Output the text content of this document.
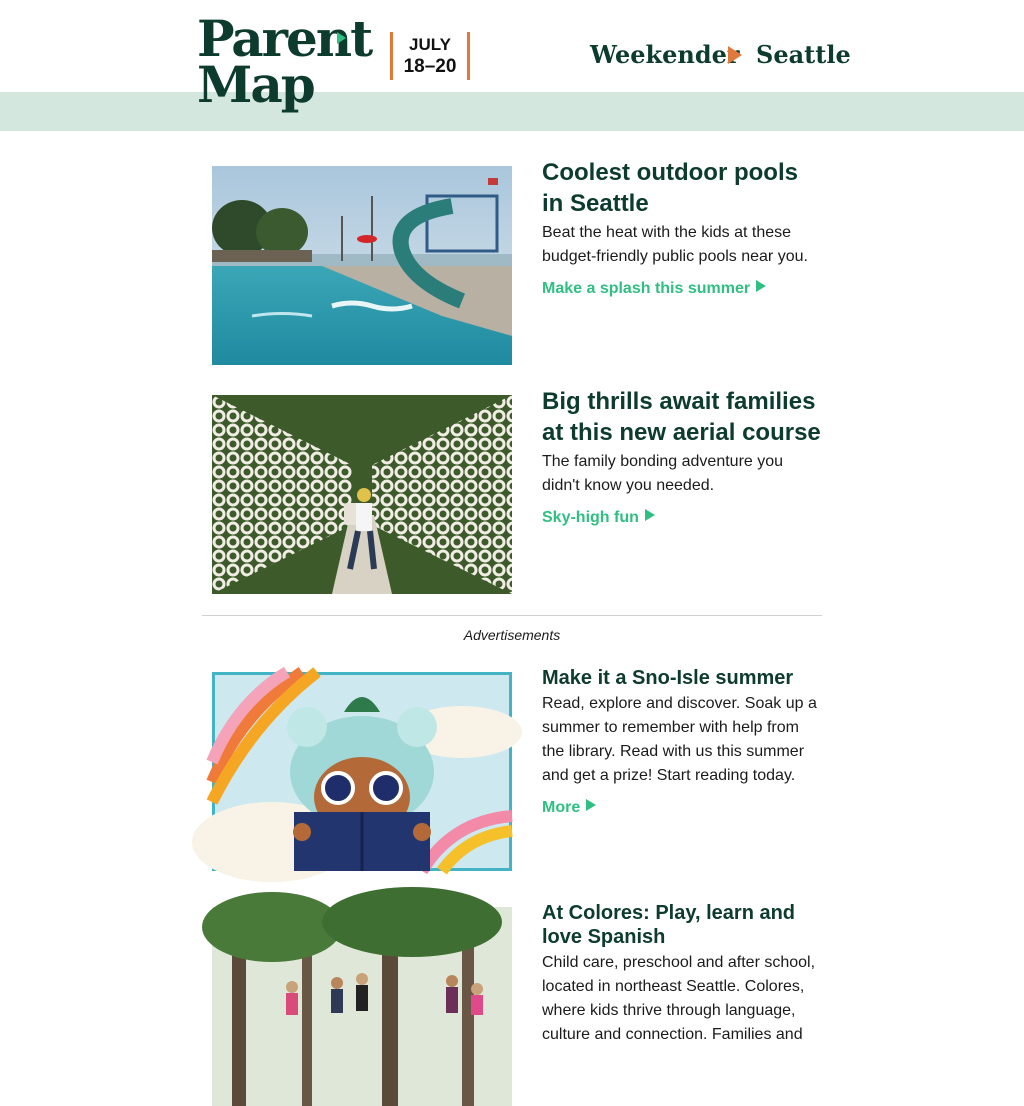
Parent
Map
JULY
18–20	Weekender Seattle
Coolest outdoor pools in Seattle

Beat the heat with the kids at these budget-friendly public pools near you.

Make a splash this summer
Big thrills await families at this new aerial course

The family bonding adventure you didn't know you needed.

Sky-high fun
Advertisements
Make it a Sno-Isle summer

Read, explore and discover. Soak up a summer to remember with help from the library. Read with us this summer and get a prize! Start reading today.

More
At Colores: Play, learn and love Spanish

Child care, preschool and after school, located in northeast Seattle. Colores, where kids thrive through language, culture and connection. Families and
